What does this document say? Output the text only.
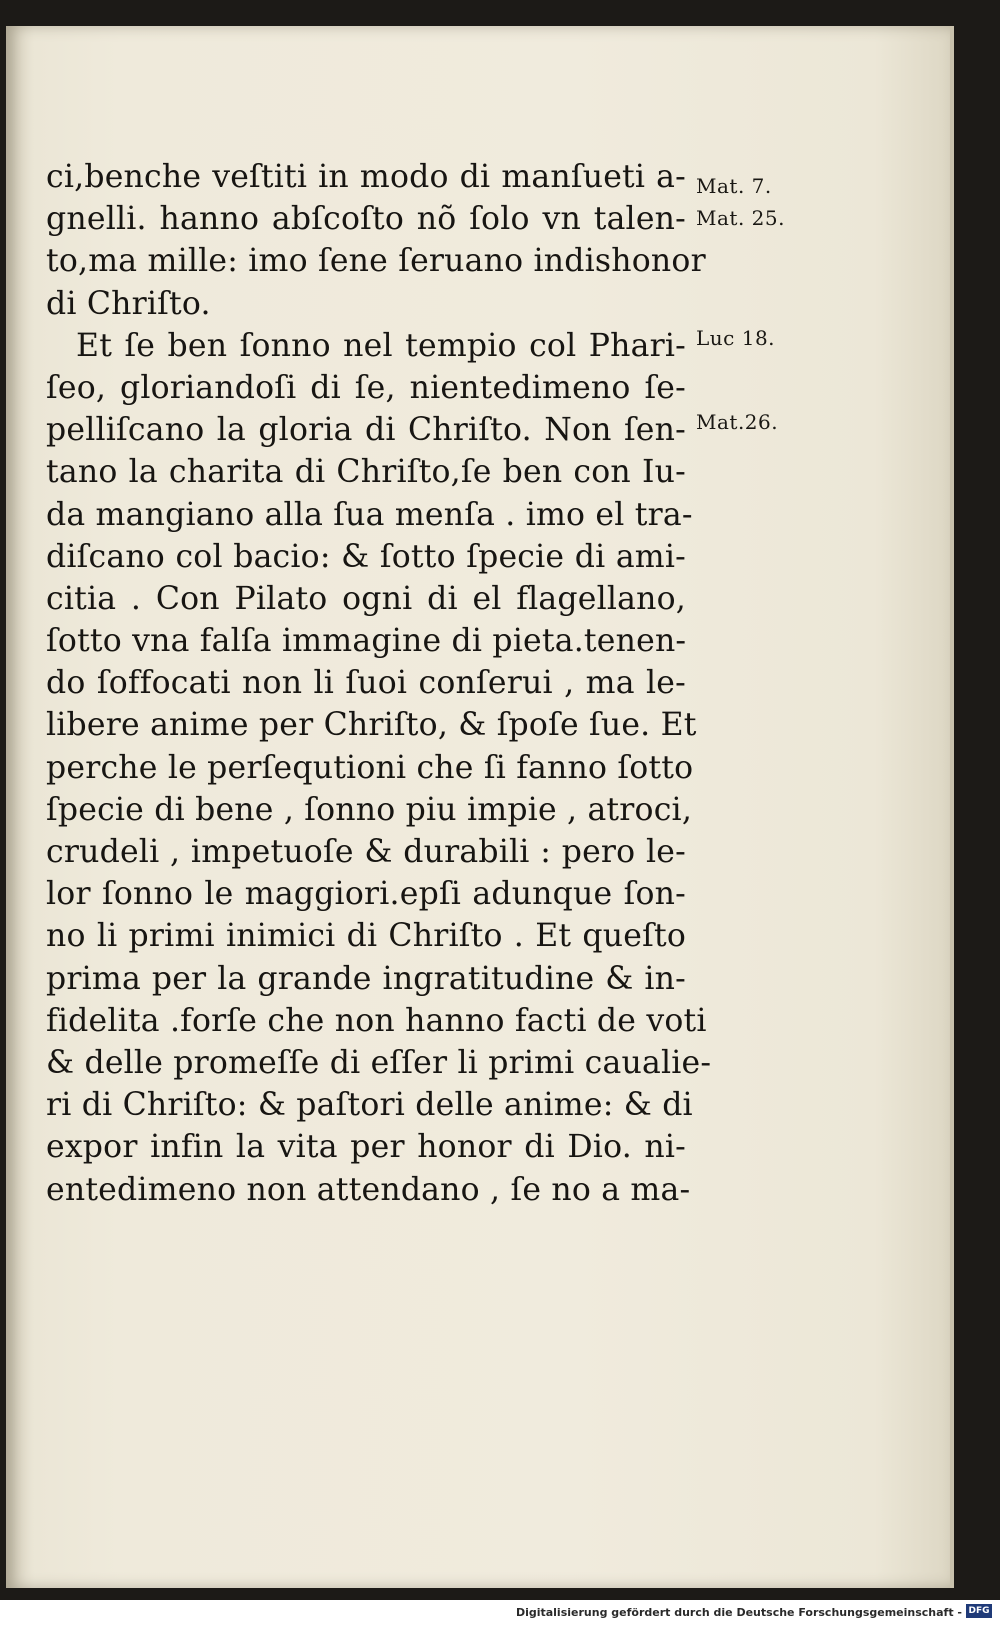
ci,benche veſtiti in modo di manſueti a-
gnelli. hanno abſcoſto nõ ſolo vn talen-
to,ma mille: imo ſene ſeruano indishonor
di Chriſto.
Et ſe ben ſonno nel tempio col Phari-
ſeo, gloriandoſi di ſe, nientedimeno ſe-
pelliſcano la gloria di Chriſto. Non ſen-
tano la charita di Chriſto,ſe ben con Iu-
da mangiano alla ſua menſa . imo el tra-
diſcano col bacio: & ſotto ſpecie di ami-
citia . Con Pilato ogni di el flagellano,
ſotto vna falſa immagine di pieta.tenen-
do ſoffocati non li ſuoi conſerui , ma le-
libere anime per Chriſto, & ſpoſe ſue. Et
perche le perſequtioni che ſi fanno ſotto
ſpecie di bene , ſonno piu impie , atroci,
crudeli , impetuoſe & durabili : pero le-
lor ſonno le maggiori.epſi adunque ſon-
no li primi inimici di Chriſto . Et queſto
prima per la grande ingratitudine & in-
fidelita .forſe che non hanno facti de voti
& delle promeſſe di eſſer li primi caualie-
ri di Chriſto: & paſtori delle anime: & di
expor infin la vita per honor di Dio. ni-
entedimeno non attendano , ſe no a ma-
Mat. 7.
Mat. 25.
Luc 18.
Mat.26.
Digitalisierung gefördert durch die Deutsche Forschungsgemeinschaft - DFG
